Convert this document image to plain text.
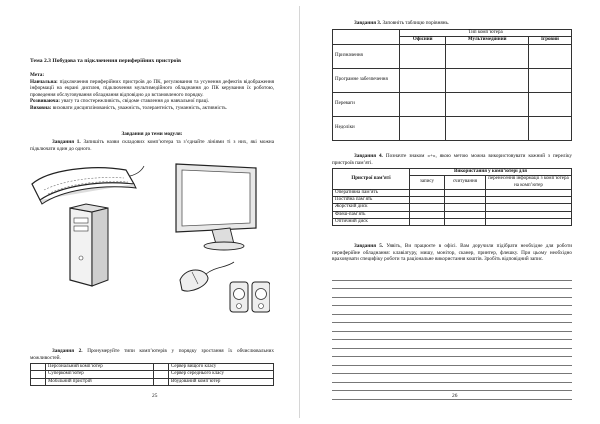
Тема 2.3 Побудова та підключення периферійних пристроїв

Мета:

Навчальна: підключення периферійних пристроїв до ПК, регулювання та усунення дефектів відображення інформації на екрані дисплея, підключення мультимедійного обладнання до ПК керування їх роботою, проведення обслуговування обладнання відповідно до встановленого порядку.

Розвиваюча: увагу та спостережливість, свідоме ставлення до навчальної праці.

Виховна: виховати дисциплінованість, уважність, толерантність, гуманність, активність.

Завдання до теми модуля:

Завдання 1. Запишіть назви складових комп’ютера та з’єднайте лініями ті з них, які можна підключати один до одного.

Завдання 2. Пронумеруйте типи комп’ютерів у порядку зростання їх обчислювальних можливостей.

	Персональний комп’ютер		Сервер вищого класу
	Суперкомп’ютер		Сервер середнього класу
	Мобільний пристрій		Вбудований комп’ютер
25

Завдання 3. Заповніть таблицю порівнянь.

	Тип комп’ютера		
	Офісний	Мультимедійний	Ігровий
Призначення			
Програмне забезпечення			
Переваги			
Недоліки			

Завдання 4. Позначте знаком «+», якою метою можна використовувати кожний з переліку пристроїв пам’яті.

Пристрої пам’яті	Використання у комп’ютері для		
	запису	считування	перенесення інформації з комп’ютера на комп’ютер
Оперативна пам’ять			
Постійна пам’ять			
Жорсткий диск			
Флеш-пам’ять			
Оптичний диск			

Завдання 5. Уявіть, Ви працюєте в офісі. Вам доручили підібрати необхідне для роботи периферійне обладнання: клавіатуру, мишу, монітор, сканер, принтер, флешку. При цьому необхідно враховувати специфіку роботи та раціональне використання коштів. Зробіть відповідний запис.

26
